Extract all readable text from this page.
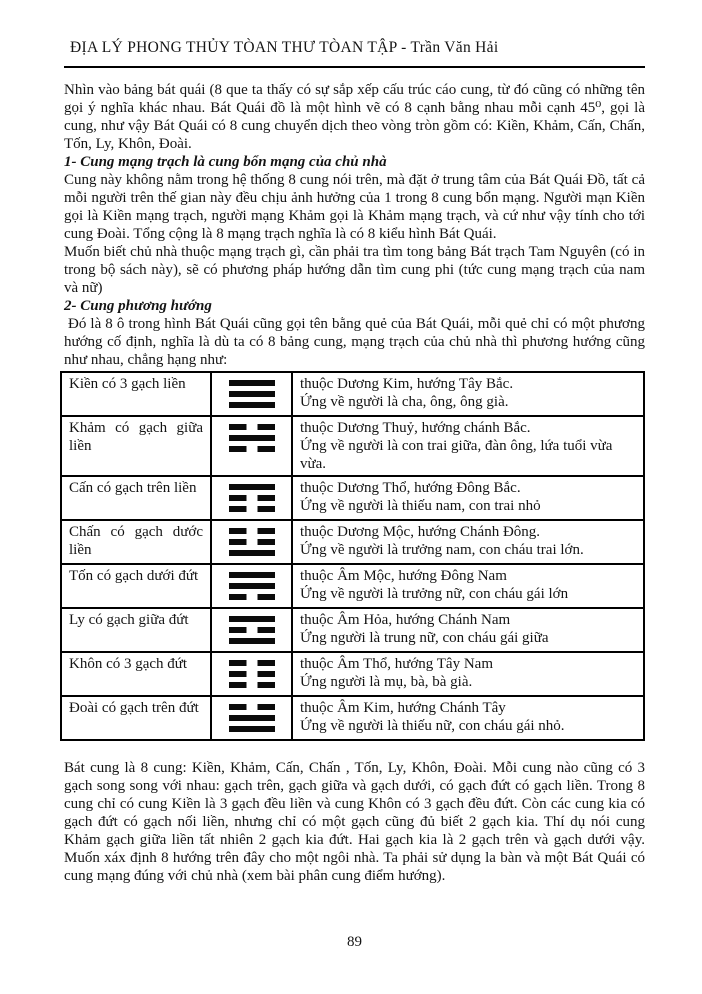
ĐỊA LÝ PHONG THỦY TÒAN THƯ TÒAN TẬP - Trần Văn Hải

Nhìn vào bảng bát quái (8 que ta thấy có sự sắp xếp cấu trúc cáo cung, từ đó cũng có những tên gọi ý nghĩa khác nhau. Bát Quái đồ là một hình vẽ có 8 cạnh bằng nhau mỗi cạnh 45⁰, gọi là cung, như vậy Bát Quái có 8 cung chuyển dịch theo vòng tròn gồm có: Kiền, Khảm, Cấn, Chấn, Tốn, Ly, Khôn, Đoài.

1- Cung mạng trạch là cung bổn mạng của chủ nhà

Cung này không nằm trong hệ thống 8 cung nói trên, mà đặt ở trung tâm của Bát Quái Đồ, tất cả mỗi người trên thế gian này đều chịu ảnh hưởng của 1 trong 8 cung bổn mạng. Người mạn Kiền gọi là Kiền mạng trạch, người mạng Khảm gọi là Khảm mạng trạch, và cứ như vậy tính cho tới cung Đoài. Tổng cộng là 8 mạng trạch nghĩa là có 8 kiểu hình Bát Quái.

Muốn biết chủ nhà thuộc mạng trạch gì, cần phải tra tìm tong bảng Bát trạch Tam Nguyên (có in trong bộ sách này), sẽ có phương pháp hướng dẫn tìm cung phi (tức cung mạng trạch của nam và nữ)

2- Cung phương hướng

Đó là 8 ô trong hình Bát Quái cũng gọi tên bằng quẻ của Bát Quái, mỗi quẻ chỉ có một phương hướng cố định, nghĩa là dù ta có 8 bảng cung, mạng trạch của chủ nhà thì phương hướng cũng như nhau, chẳng hạng như:

Kiền có 3 gạch liền		thuộc Dương Kim, hướng Tây Bắc.
Ứng về người là cha, ông, ông già.

Khảm có gạch giữa liền		thuộc Dương Thuỷ, hướng chánh Bắc.
Ứng về người là con trai giữa, đàn ông, lứa tuổi vừa vừa.

Cấn có gạch trên liền		thuộc Dương Thổ, hướng Đông Bắc.
Ứng về người là thiếu nam, con trai nhỏ

Chấn có gạch dước liền		thuộc Dương Mộc, hướng Chánh Đông.
Ứng về người là trưởng nam, con cháu trai lớn.

Tốn có gạch dưới đứt		thuộc Âm Mộc, hướng Đông Nam
Ứng về người là trưởng nữ, con cháu gái lớn

Ly có gạch giữa đứt		thuộc Âm Hỏa, hướng Chánh Nam
Ứng người là trung nữ, con cháu gái giữa

Khôn có 3 gạch đứt		thuộc Âm Thổ, hướng Tây Nam
Ứng người là mụ, bà, bà già.

Đoài có gạch trên đứt		thuộc Âm Kim, hướng Chánh Tây
Ứng về người là thiếu nữ, con cháu gái nhỏ.

Bát cung là 8 cung: Kiền, Khảm, Cấn, Chấn , Tốn, Ly, Khôn, Đoài. Mỗi cung nào cũng có 3 gạch song song với nhau: gạch trên, gạch giữa và gạch dưới, có gạch đứt có gạch liền. Trong 8 cung chỉ có cung Kiền là 3 gạch đều liền và cung Khôn có 3 gạch đều đứt. Còn các cung kia có gạch đứt có gạch nối liền, nhưng chỉ có một gạch cũng đủ biết 2 gạch kia. Thí dụ nói cung Khảm gạch giữa liền tất nhiên 2 gạch kia đứt. Hai gạch kia là 2 gạch trên và gạch dưới vậy. Muốn xáx định 8 hướng trên đây cho một ngôi nhà. Ta phải sử dụng la bàn và một Bát Quái có cung mạng đúng với chủ nhà (xem bài phân cung điểm hướng).

89
